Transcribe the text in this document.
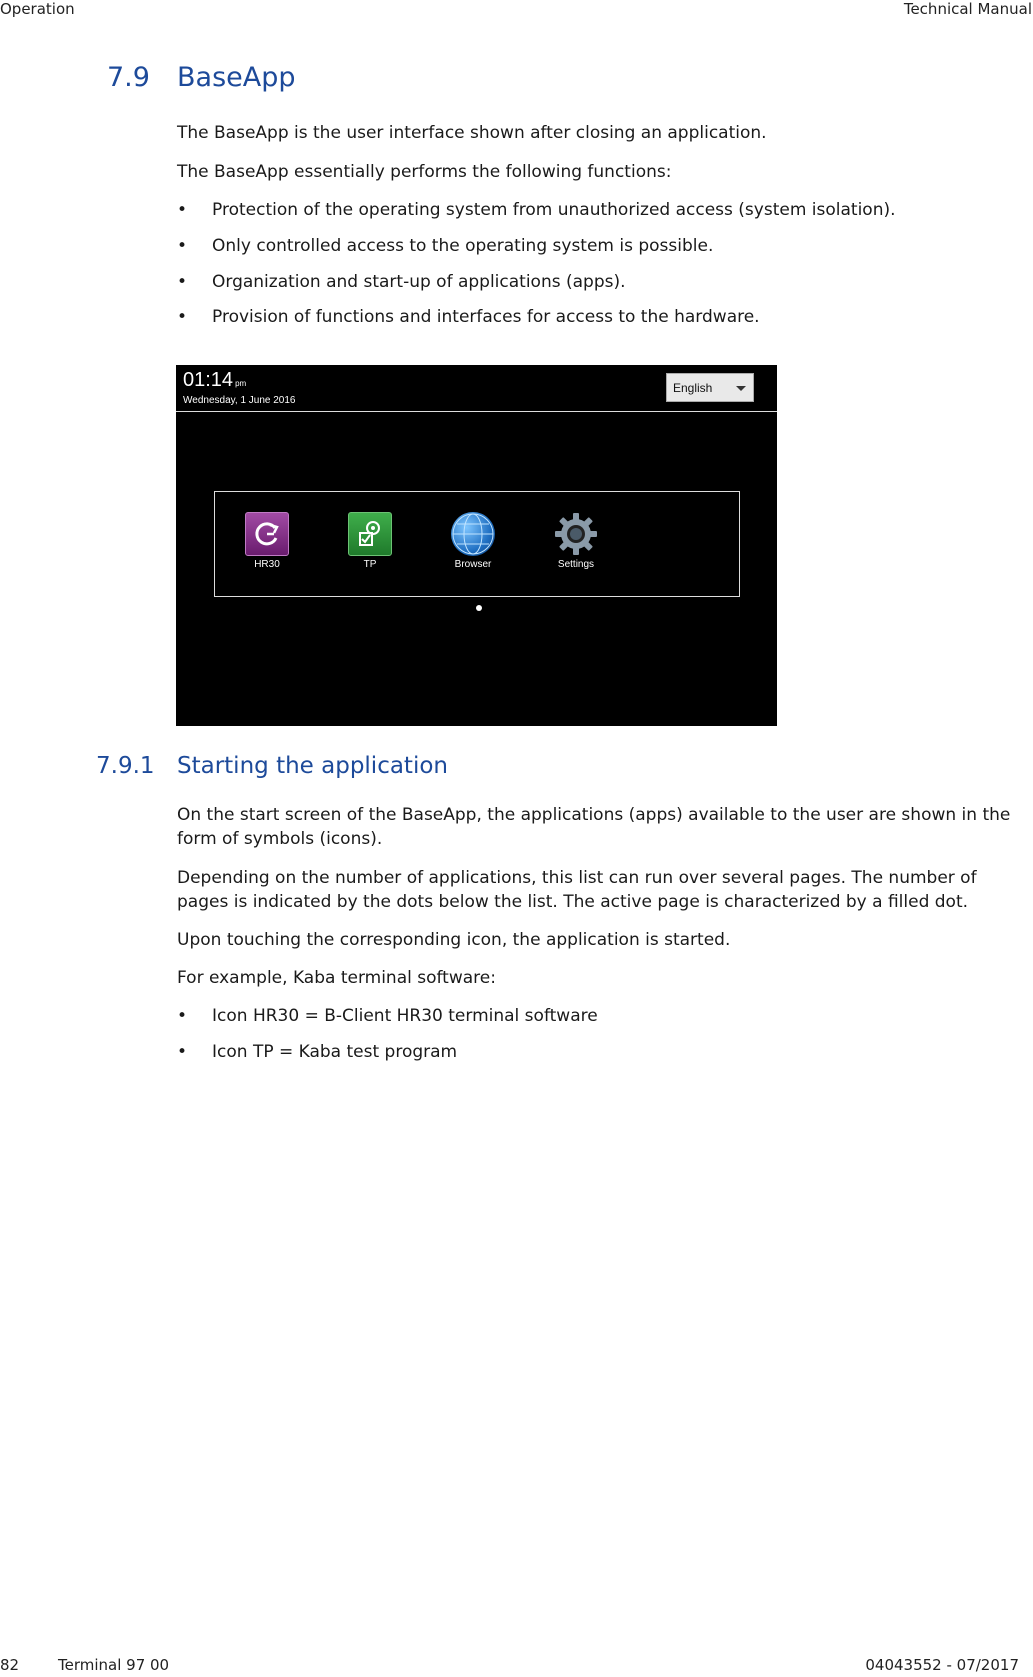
Operation	Technical Manual
7.9 BaseApp
The BaseApp is the user interface shown after closing an application.
The BaseApp essentially performs the following functions:
• Protection of the operating system from unauthorized access (system isolation).
• Only controlled access to the operating system is possible.
• Organization and start-up of applications (apps).
• Provision of functions and interfaces for access to the hardware.
01:14 pm
Wednesday, 1 June 2016
English
HR30	TP	Browser	Settings
7.9.1 Starting the application
On the start screen of the BaseApp, the applications (apps) available to the user are shown in the form of symbols (icons).
Depending on the number of applications, this list can run over several pages. The number of pages is indicated by the dots below the list. The active page is characterized by a filled dot.
Upon touching the corresponding icon, the application is started.
For example, Kaba terminal software:
• Icon HR30 = B-Client HR30 terminal software
• Icon TP = Kaba test program
82	Terminal 97 00	04043552 - 07/2017
